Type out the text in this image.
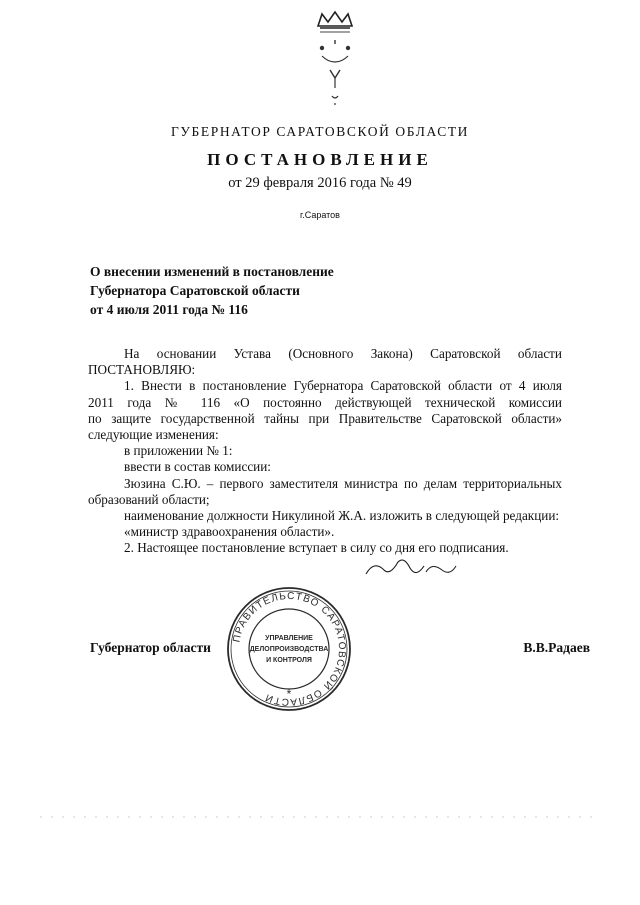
ГУБЕРНАТОР САРАТОВСКОЙ ОБЛАСТИ
ПОСТАНОВЛЕНИЕ
от 29 февраля 2016 года № 49
г.Саратов
О внесении изменений в постановление
Губернатора Саратовской области
от 4 июля 2011 года № 116
На основании Устава (Основного Закона) Саратовской области
ПОСТАНОВЛЯЮ:
1. Внести в постановление Губернатора Саратовской области от 4 июля
2011 года № 116 «О постоянно действующей технической комиссии
по защите государственной тайны при Правительстве Саратовской области»
следующие изменения:
в приложении № 1:
ввести в состав комиссии:
Зюзина С.Ю. – первого заместителя министра по делам территориальных
образований области;
наименование должности Никулиной Ж.А. изложить в следующей редакции:
«министр здравоохранения области».
2. Настоящее постановление вступает в силу со дня его подписания.
ПРАВИТЕЛЬСТВО САРАТОВСКОЙ ОБЛАСТИ
УПРАВЛЕНИЕ
ДЕЛОПРОИЗВОДСТВА
И КОНТРОЛЯ
*
Губернатор области	В.В.Радаев
